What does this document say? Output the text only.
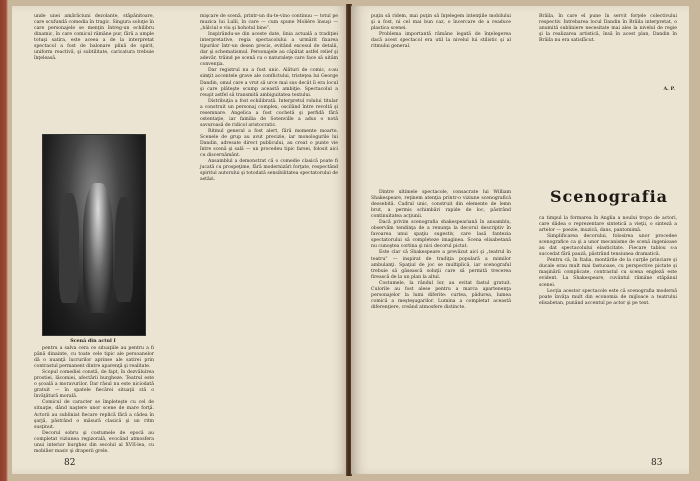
unde unei amărăciuni dezolante, stăpânitoare, care scufundă comedia în tragic. Singura soluţie în care personajele se menţin întreg-un echilibru dinamic, în care comicul rămâne pur, fără a umple totuşi satira, este aceea a de la interpretat spectacol a fost de balonare plină de spirit, uniform reactivă, şi subtilitate, caricatura trebuie înţeleasă.

Scenă din actul I

pentru a salva cera ce situaţiile au pentru a fi până dinainte, cu toate cele tipic ale persoanelor dă o nuanţă lucrurilor aprinse ale satirei prin contrastul permanent dintre aparenţă şi realitate.

Scopul comediei constă, de fapt, în dezvăluirea prostiei, lăcomiei, afectării burgheze. Teatrul este o şcoală a moravurilor. Dar râsul nu este niciodată gratuit — în spatele fiecărei situaţii stă o învăţătură morală.

Comicul de caracter se împleteşte cu cel de situaţie, dând naştere unor scene de mare forţă. Actorii au subliniat fiecare replică fără a cădea în şarjă, păstrând o măsură clasică şi un ritm susţinut.

Decorul sobru şi costumele de epocă au completat viziunea regizorală, evocând atmosfera unui interior burghez din secolul al XVII-lea, cu mobilier masiv şi draperii grele.

mişcare de scenă, printr-un du-te-vino continuu — totul pe muzica lui Lulli, în care — cum spune Molière însuşi — „bâlciul e viu şi hohotul bine”.

Inspirându-se din aceste date, linia actuală a tradiţiei interpretative, regia spectacolului a urmărit fixarea tipurilor într-un desen precis, evitând excesul de detalii, dar şi schematismul. Personajele au căpătat astfel relief şi adevăr, trăind pe scenă cu o naturaleţe care face să uităm convenţia.

Dar registrul nu a fost unic. Alături de comic, s-au simţit accentele grave ale conflictului, tristeţea lui George Dandin, omul care a vrut să urce mai sus decât îi era locul şi care plăteşte scump această ambiţie. Spectacolul a reuşit astfel să transmită ambiguitatea textului.

Distribuţia a fost echilibrată. Interpretul rolului titular a construit un personaj complex, oscilând între revoltă şi resemnare. Angelica a fost cochetă şi perfidă fără ostentaţie, iar familia de Sotenville a adus o notă savuroasă de ridicol aristocratic.

Ritmul general a fost alert, fără momente moarte. Scenele de grup au avut precizie, iar monologurile lui Dandin, adresate direct publicului, au creat o punte vie între scenă şi sală — un procedeu tipic farsei, folosit aici cu discernământ.

Ansamblul a demonstrat că o comedie clasică poate fi jucată cu prospeţime, fără modernizări forţate, respectând spiritul autorului şi totodată sensibilitatea spectatorului de astăzi.

82

puţin să ridem, mai puţin să înţelegem intenţiile mobilului şi a fost, ni cel mai bun caz, o încercare de a readuce plastica scenei.

Problema importantă rămâne legată de înţelegerea dacă acest spectacol era util la nivelul lui stilistic şi al ritmului general.

Brăila, în care el pune în servit forţele colectivului respectiv. Intrebarea locul Dandin în Brăila interpretat, o anumită subliniere necesitate mai ales la nivelul de regie şi la realizarea artistică, însă în acest plan, Dandin în Brăila nu era satisfăcut.

A. P.
Scenografia

Dintre ultimele spectacole, consacrate lui William Shakespeare, reţinem atenţia printr-o viziune scenografică deosebită. Cadrul unic, construit din elemente de lemn brut, a permis schimbări rapide de loc, păstrând continuitatea acţiunii.

Dacă privim scenografia shakespeariană în ansamblu, observăm tendinţa de a renunţa la decorul descriptiv în favoarea unui spaţiu sugestiv, care lasă fantezia spectatorului să completeze imaginea. Scena elisabetană nu cunoştea cortina şi nici decorul pictat.

Este clar că Shakespeare a prevăzut aici şi „teatrul în teatru” — inspirat de tradiţia populară a mimilor ambulanţi. Spaţiul de joc se multiplică, iar scenograful trebuie să găsească soluţii care să permită trecerea firească de la un plan la altul.

Costumele, la rândul lor, au evitat fastul gratuit. Culorile au fost alese pentru a marca apartenenţa personajelor la lumi diferite: curtea, pădurea, lumea comică a meşteşugarilor. Lumina a completat această diferenţiere, creând atmosfere distincte.

ca timpul la formarea în Anglia a noului tropo de actori, care dădea o reprezentare sintetică a vieţii, o sinteză a artelor — poezie, muzică, dans, pantomimă.

Simplificarea decorului, folosirea unor procedee scenografice ca şi a unor mecanisme de scenă ingenioase au dat spectacolului elasticitate. Fiecare tablou s-a succedat fără pauză, păstrând tensiunea dramatică.

Pentru că, în Italia, montările de la curţile princiare şi ducale erau mult mai fastuoase, cu perspective pictate şi maşinării complicate, contrastul cu scena engleză este evident. La Shakespeare, cuvântul rămâne stăpânul scenei.

Lecţia acestor spectacole este că scenografia modernă poate învăţa mult din economia de mijloace a teatrului elisabetan, punând accentul pe actor şi pe text.

83
